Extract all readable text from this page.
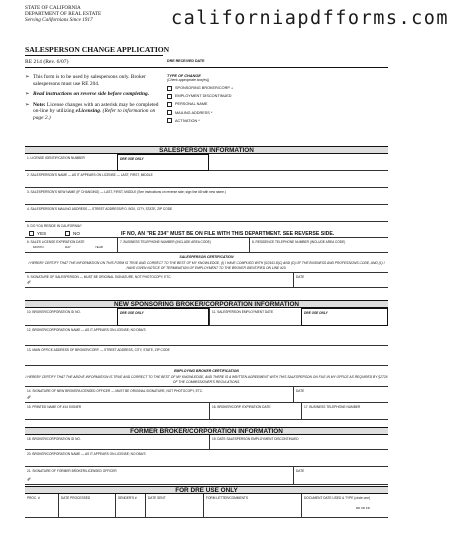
STATE OF CALIFORNIA
DEPARTMENT OF REAL ESTATE
Serving Californians Since 1917	californiapdfforms.com
SALESPERSON CHANGE APPLICATION
RE 214 (Rev. 6/07)	DRE RECEIVED DATE
➢ This form is to be used by salespersons only. Broker salespersons must use RE 204.
➢ Read instructions on reverse side before completing.
➢ Note: License changes with an asterisk may be completed on-line by utilizing eLicensing. (Refer to information on page 2.)
TYPE OF CHANGE
(Check appropriate box(es))
SPONSORING BROKER/CORP. *
EMPLOYMENT DISCONTINUED
PERSONAL NAME
MAILING ADDRESS *
ACTIVATION *
SALESPERSON INFORMATION
1. LICENSE IDENTIFICATION NUMBER	DRE USE ONLY
2. SALESPERSON'S NAME — AS IT APPEARS ON LICENSE — LAST, FIRST, MIDDLE
3. SALESPERSON'S NEW NAME (IF CHANGING) — LAST, FIRST, MIDDLE (See Instructions on reverse side; sign line #8 with new name.)
4. SALESPERSON'S MAILING ADDRESS — STREET ADDRESS/P.O. BOX, CITY, STATE, ZIP CODE
5. DO YOU RESIDE IN CALIFORNIA?
YES	NO	IF NO, AN "RE 234" MUST BE ON FILE WITH THIS DEPARTMENT. SEE REVERSE SIDE.
6. SALES LICENSE EXPIRATION DATE
MONTH	DAY	YEAR
7. BUSINESS TELEPHONE NUMBER (INCLUDE AREA CODE)	8. RESIDENCE TELEPHONE NUMBER (INCLUDE AREA CODE)
SALESPERSON CERTIFICATION
I HEREBY CERTIFY THAT THE INFORMATION ON THIS FORM IS TRUE AND CORRECT TO THE BEST OF MY KNOWLEDGE, (I) I HAVE COMPLIED WITH §10161.8(C) AND (D) OF THE BUSINESS AND PROFESSIONS CODE, AND (1) I HAVE GIVEN NOTICE OF TERMINATION OF EMPLOYMENT TO THE BROKER IDENTIFIED ON LINE #20.
9. SIGNATURE OF SALESPERSON — MUST BE ORIGINAL SIGNATURE, NOT PHOTOCOPY, ETC.
✐
DATE
NEW SPONSORING BROKER/CORPORATION INFORMATION
10. BROKER/CORPORATION ID NO.	DRE USE ONLY	11. SALESPERSON EMPLOYMENT DATE	DRE USE ONLY
12. BROKER/CORPORATION NAME — AS IT APPEARS ON LICENSE; NO DBA'S
13. MAIN OFFICE ADDRESS OF BROKER/CORP. — STREET ADDRESS, CITY, STATE, ZIP CODE
EMPLOYING BROKER CERTIFICATION
I HEREBY CERTIFY THAT THE ABOVE INFORMATION IS TRUE AND CORRECT TO THE BEST OF MY KNOWLEDGE, AND THERE IS A WRITTEN AGREEMENT WITH THIS SALESPERSON ON FILE IN MY OFFICE AS REQUIRED BY §2726 OF THE COMMISSIONER'S REGULATIONS.
14. SIGNATURE OF NEW BROKER/LICENSED OFFICER — MUST BE ORIGINAL SIGNATURE, NOT PHOTOCOPY, ETC.
✐
DATE
15. PRINTED NAME OF #14 SIGNER	16. BROKER/CORP. EXPIRATION DATE	17. BUSINESS TELEPHONE NUMBER
FORMER BROKER/CORPORATION INFORMATION
18. BROKER/CORPORATION ID NO.	19. DATE SALESPERSON EMPLOYMENT DISCONTINUED
20. BROKER/CORPORATION NAME — AS IT APPEARS ON LICENSE; NO DBA'S
21. SIGNATURE OF FORMER BROKER/LICENSED OFFICER
✐
DATE
FOR DRE USE ONLY
PROC. #	DATE PROCESSED	SENDER'S #	DATE SENT	FORM LETTER/COMMENTS	DOCUMENT DATE USED & TYPE (circle one)
RD XD KD
